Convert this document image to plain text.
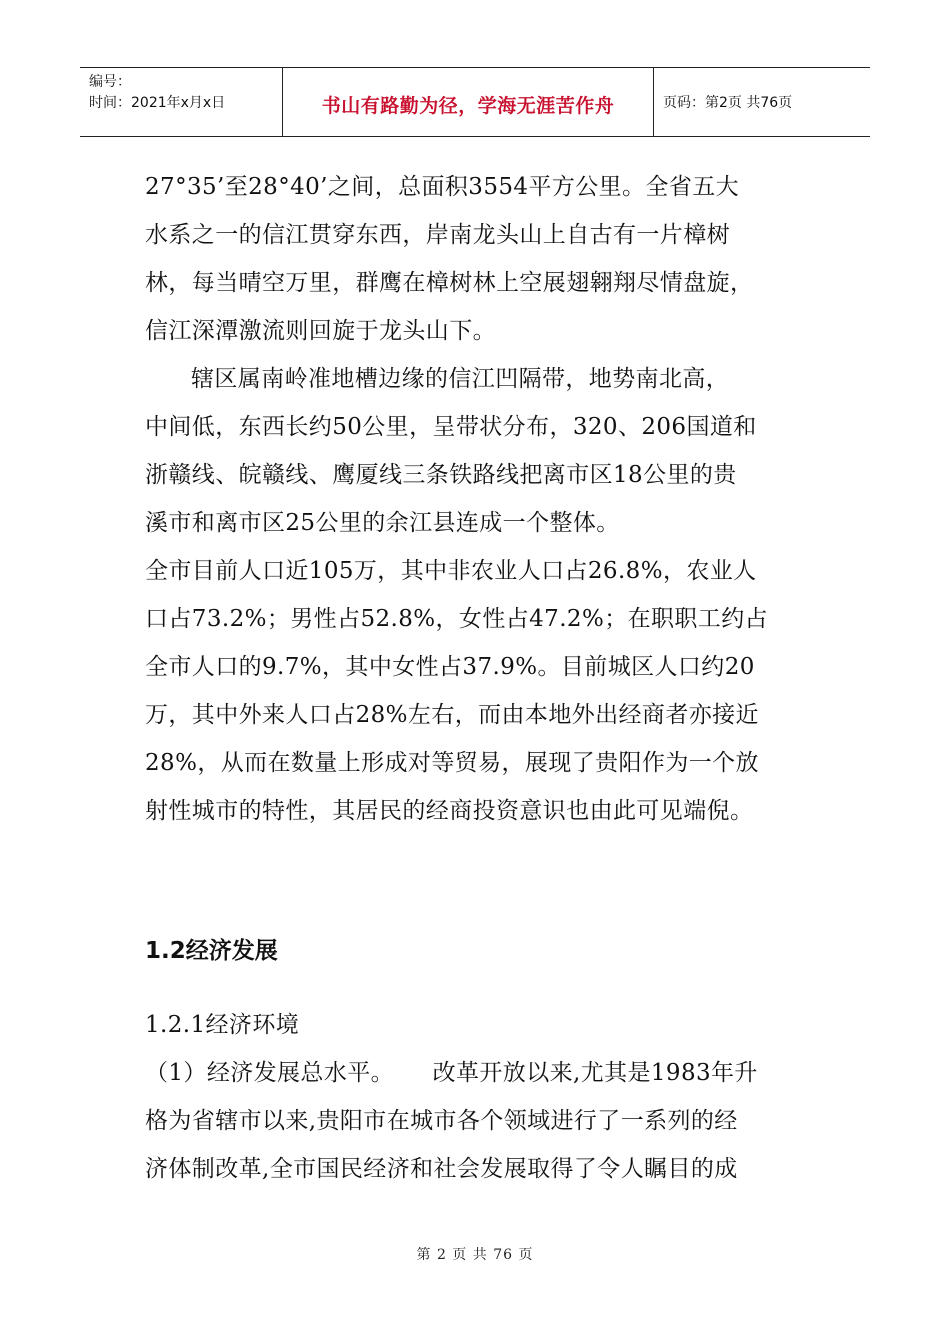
编号：
时间：2021年x月x日	书山有路勤为径，学海无涯苦作舟	页码：第2页 共76页
27°35’至28°40’之间，总面积3554平方公里。全省五大
水系之一的信江贯穿东西，岸南龙头山上自古有一片樟树
林，每当晴空万里，群鹰在樟树林上空展翅翱翔尽情盘旋，
信江深潭激流则回旋于龙头山下。
辖区属南岭准地槽边缘的信江凹隔带，地势南北高，
中间低，东西长约50公里，呈带状分布，320、206国道和
浙赣线、皖赣线、鹰厦线三条铁路线把离市区18公里的贵
溪市和离市区25公里的余江县连成一个整体。
全市目前人口近105万，其中非农业人口占26.8%，农业人
口占73.2%；男性占52.8%，女性占47.2%；在职职工约占
全市人口的9.7%，其中女性占37.9%。目前城区人口约20
万，其中外来人口占28%左右，而由本地外出经商者亦接近
28%，从而在数量上形成对等贸易，展现了贵阳作为一个放
射性城市的特性，其居民的经商投资意识也由此可见端倪。
1.2经济发展
1.2.1经济环境
（1）经济发展总水平。     改革开放以来,尤其是1983年升
格为省辖市以来,贵阳市在城市各个领域进行了一系列的经
济体制改革,全市国民经济和社会发展取得了令人瞩目的成
第 2 页 共 76 页
